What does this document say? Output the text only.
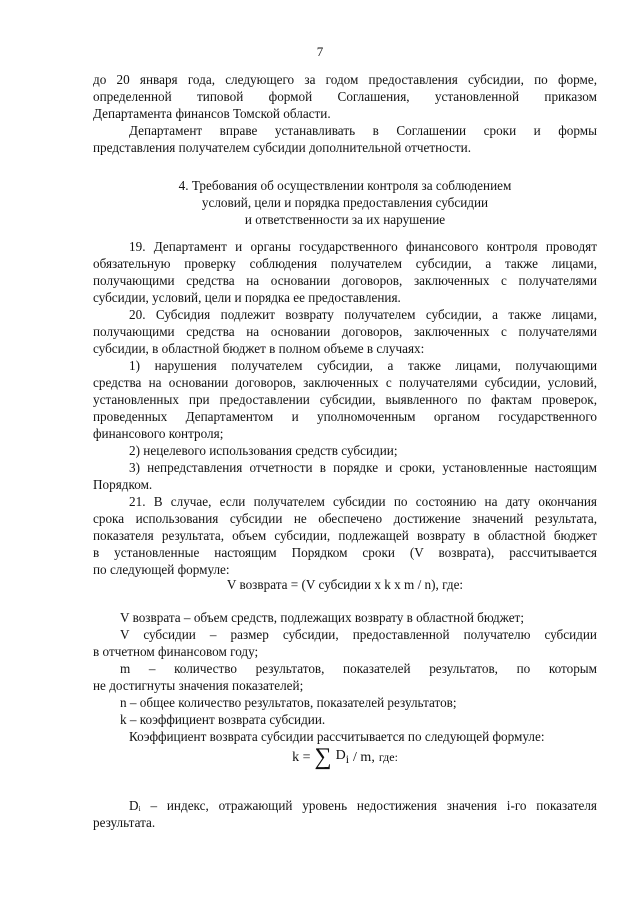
7
до 20 января года, следующего за годом предоставления субсидии, по форме,
определенной типовой формой Соглашения, установленной приказом
Департамента финансов Томской области.
Департамент вправе устанавливать в Соглашении сроки и формы
представления получателем субсидии дополнительной отчетности.
4. Требования об осуществлении контроля за соблюдением
условий, цели и порядка предоставления субсидии
и ответственности за их нарушение
19. Департамент и органы государственного финансового контроля проводят
обязательную проверку соблюдения получателем субсидии, а также лицами,
получающими средства на основании договоров, заключенных с получателями
субсидии, условий, цели и порядка ее предоставления.
20. Субсидия подлежит возврату получателем субсидии, а также лицами,
получающими средства на основании договоров, заключенных с получателями
субсидии, в областной бюджет в полном объеме в случаях:
1) нарушения получателем субсидии, а также лицами, получающими
средства на основании договоров, заключенных с получателями субсидии, условий,
установленных при предоставлении субсидии, выявленного по фактам проверок,
проведенных Департаментом и уполномоченным органом государственного
финансового контроля;
2) нецелевого использования средств субсидии;
3) непредставления отчетности в порядке и сроки, установленные настоящим
Порядком.
21. В случае, если получателем субсидии по состоянию на дату окончания
срока использования субсидии не обеспечено достижение значений результата,
показателя результата, объем субсидии, подлежащей возврату в областной бюджет
в установленные настоящим Порядком сроки (V возврата), рассчитывается
по следующей формуле:
V возврата = (V субсидии x k x m / n), где:
V возврата – объем средств, подлежащих возврату в областной бюджет;
V субсидии – размер субсидии, предоставленной получателю субсидии
в отчетном финансовом году;
m – количество результатов, показателей результатов, по которым
не достигнуты значения показателей;
n – общее количество результатов, показателей результатов;
k – коэффициент возврата субсидии.
Коэффициент возврата субсидии рассчитывается по следующей формуле:
k = ∑ $D_i$ / m, где:
Dᵢ – индекс, отражающий уровень недостижения значения i-го показателя
результата.
